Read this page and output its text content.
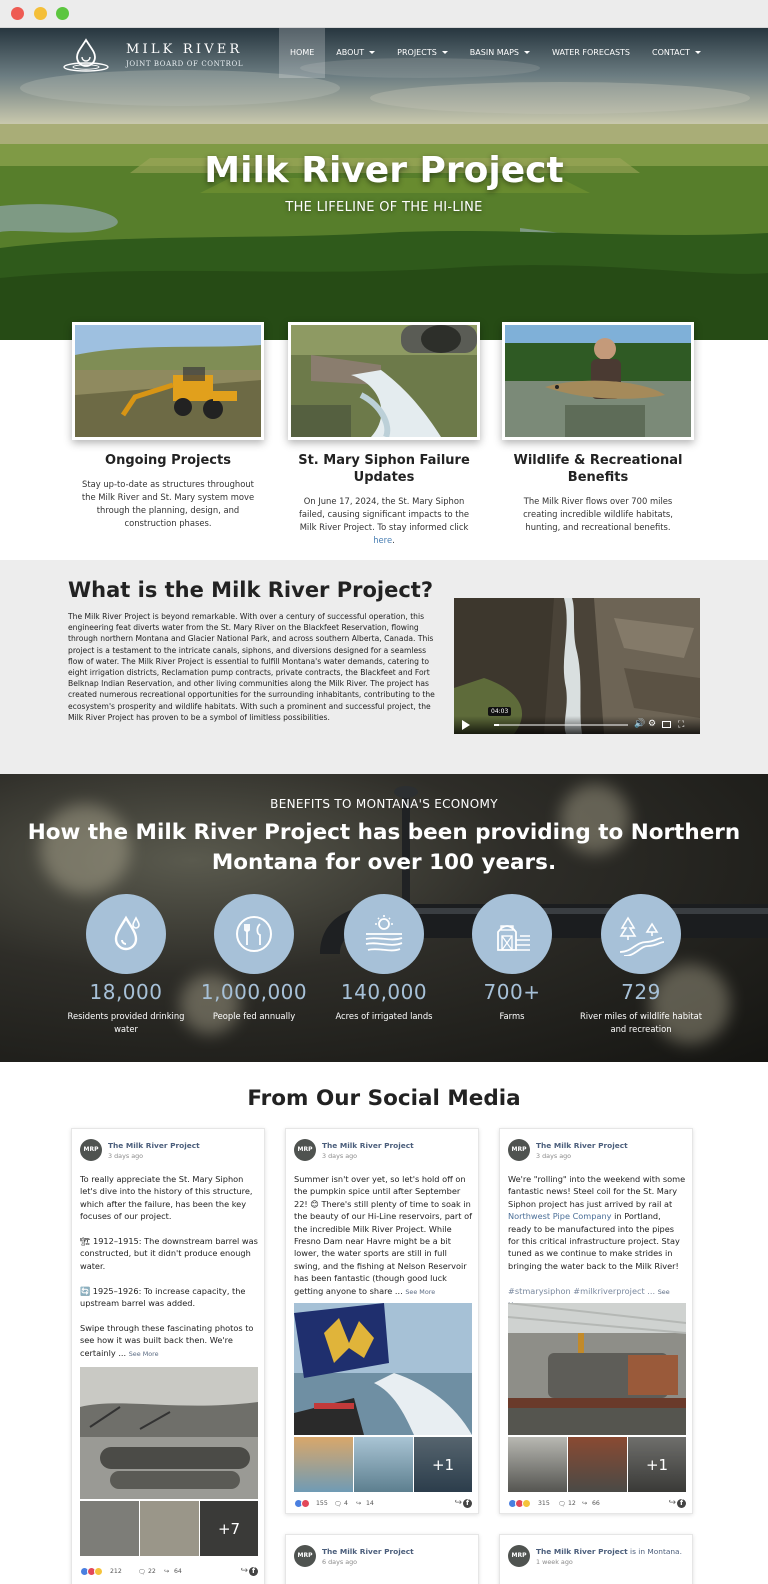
MILK RIVER
JOINT BOARD OF CONTROL
HOME	ABOUT	PROJECTS	BASIN MAPS	WATER FORECASTS	CONTACT
Milk River Project
THE LIFELINE OF THE HI-LINE
Ongoing Projects

Stay up-to-date as structures throughout the Milk River and St. Mary system move through the planning, design, and construction phases.

St. Mary Siphon Failure Updates

On June 17, 2024, the St. Mary Siphon failed, causing significant impacts to the Milk River Project. To stay informed click here.

Wildlife & Recreational Benefits

The Milk River flows over 700 miles creating incredible wildlife habitats, hunting, and recreational benefits.

What is the Milk River Project?

The Milk River Project is beyond remarkable. With over a century of successful operation, this engineering feat diverts water from the St. Mary River on the Blackfeet Reservation, flowing through northern Montana and Glacier National Park, and across southern Alberta, Canada. This project is a testament to the intricate canals, siphons, and diversions designed for a seamless flow of water. The Milk River Project is essential to fulfill Montana's water demands, catering to eight irrigation districts, Reclamation pump contracts, private contracts, the Blackfeet and Fort Belknap Indian Reservation, and other living communities along the Milk River. The project has created numerous recreational opportunities for the surrounding inhabitants, contributing to the ecosystem's prosperity and wildlife habitats. With such a prominent and successful project, the Milk River Project has proven to be a symbol of limitless possibilities.

04:03
🔊 ⚙ ⛶
BENEFITS TO MONTANA'S ECONOMY
How the Milk River Project has been providing to Northern Montana for over 100 years.
18,000
Residents provided drinking water
1,000,000
People fed annually
140,000
Acres of irrigated lands
700+
Farms
729
River miles of wildlife habitat and recreation
From Our Social Media
MRP	The Milk River Project
3 days ago

To really appreciate the St. Mary Siphon let's dive into the history of this structure, which after the failure, has been the key focuses of our project.

🏗 1912–1915: The downstream barrel was constructed, but it didn't produce enough water.

🔄 1925–1926: To increase capacity, the upstream barrel was added.

Swipe through these fascinating photos to see how it was built back then. We're certainly ... See More

+7
212	🗨 22 ↪ 64	↪ f
MRP	The Milk River Project
3 days ago

Summer isn't over yet, so let's hold off on the pumpkin spice until after September 22! 😊 There's still plenty of time to soak in the beauty of our Hi-Line reservoirs, part of the incredible Milk River Project. While Fresno Dam near Havre might be a bit lower, the water sports are still in full swing, and the fishing at Nelson Reservoir has been fantastic (though good luck getting anyone to share ... See More

+1
155 🗨 4 ↪ 14	↪ f
MRP	The Milk River Project
3 days ago

We're "rolling" into the weekend with some fantastic news! Steel coil for the St. Mary Siphon project has just arrived by rail at Northwest Pipe Company in Portland, ready to be manufactured into the pipes for this critical infrastructure project. Stay tuned as we continue to make strides in bringing the water back to the Milk River!

#stmarysiphon #milkriverproject ... See

+1
315 🗨 12 ↪ 66	↪ f
MRP	The Milk River Project
6 days ago
MRP	The Milk River Project is in Montana.
1 week ago
